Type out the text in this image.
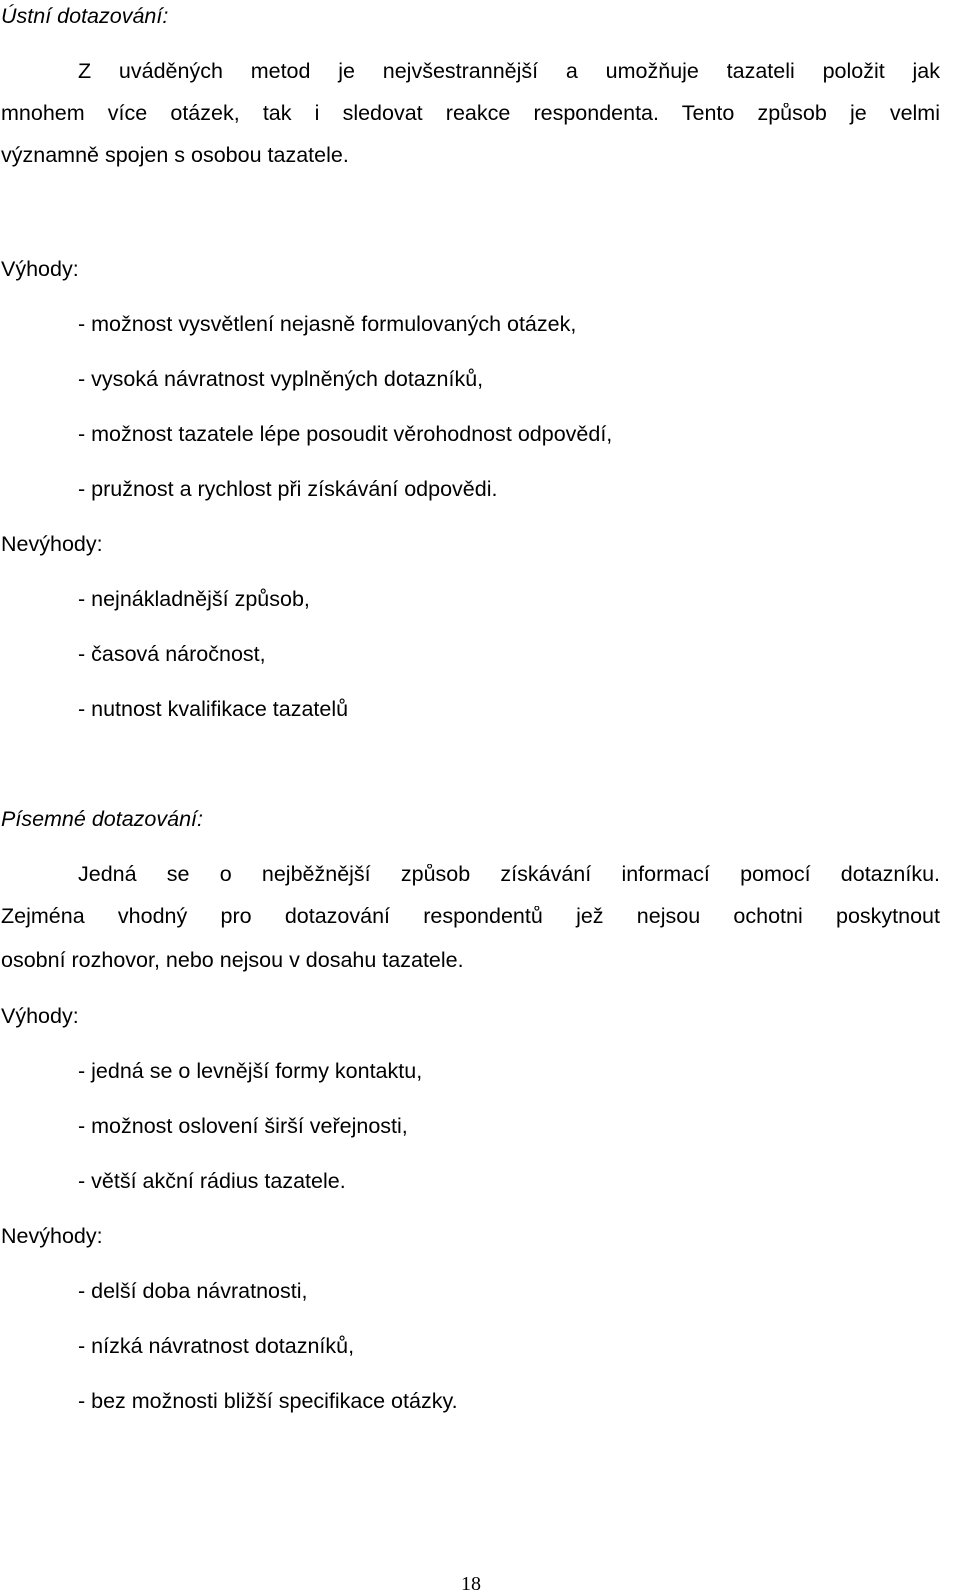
Ústní dotazování:
Z uváděných metod je nejvšestrannější a umožňuje tazateli položit jak
mnohem více otázek, tak i sledovat reakce respondenta. Tento způsob je velmi
významně spojen s osobou tazatele.
Výhody:
- možnost vysvětlení nejasně formulovaných otázek,
- vysoká návratnost vyplněných dotazníků,
- možnost tazatele lépe posoudit věrohodnost odpovědí,
- pružnost a rychlost při získávání odpovědi.
Nevýhody:
- nejnákladnější způsob,
- časová náročnost,
- nutnost kvalifikace tazatelů
Písemné dotazování:
Jedná se o nejběžnější způsob získávání informací pomocí dotazníku.
Zejména vhodný pro dotazování respondentů jež nejsou ochotni poskytnout
osobní rozhovor, nebo nejsou v dosahu tazatele.
Výhody:
- jedná se o levnější formy kontaktu,
- možnost oslovení širší veřejnosti,
- větší akční rádius tazatele.
Nevýhody:
- delší doba návratnosti,
- nízká návratnost dotazníků,
- bez možnosti bližší specifikace otázky.
18
